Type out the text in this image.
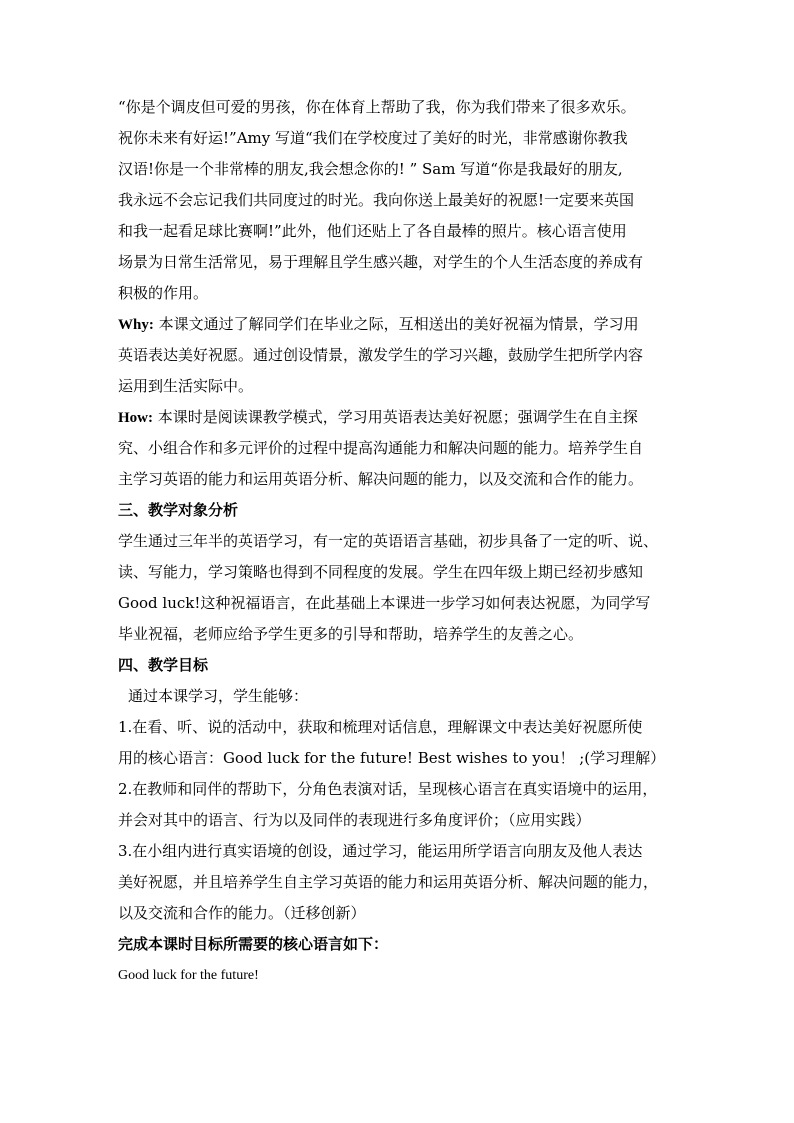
“你是个调皮但可爱的男孩，你在体育上帮助了我，你为我们带来了很多欢乐。
祝你未来有好运!”Amy 写道“我们在学校度过了美好的时光，非常感谢你教我
汉语!你是一个非常棒的朋友,我会想念你的! ” Sam 写道“你是我最好的朋友,
我永远不会忘记我们共同度过的时光。我向你送上最美好的祝愿!一定要来英国
和我一起看足球比赛啊!”此外，他们还贴上了各自最棒的照片。核心语言使用
场景为日常生活常见，易于理解且学生感兴趣，对学生的个人生活态度的养成有
积极的作用。
Why: 本课文通过了解同学们在毕业之际，互相送出的美好祝福为情景，学习用
英语表达美好祝愿。通过创设情景，激发学生的学习兴趣，鼓励学生把所学内容
运用到生活实际中。
How: 本课时是阅读课教学模式，学习用英语表达美好祝愿；强调学生在自主探
究、小组合作和多元评价的过程中提高沟通能力和解决问题的能力。培养学生自
主学习英语的能力和运用英语分析、解决问题的能力，以及交流和合作的能力。
三、教学对象分析
学生通过三年半的英语学习，有一定的英语语言基础，初步具备了一定的听、说、
读、写能力，学习策略也得到不同程度的发展。学生在四年级上期已经初步感知
Good luck!这种祝福语言，在此基础上本课进一步学习如何表达祝愿，为同学写
毕业祝福，老师应给予学生更多的引导和帮助，培养学生的友善之心。
四、教学目标
通过本课学习，学生能够：
1.在看、听、说的活动中，获取和梳理对话信息，理解课文中表达美好祝愿所使
用的核心语言：Good luck for the future! Best wishes to you！ ;(学习理解）
2.在教师和同伴的帮助下，分角色表演对话，呈现核心语言在真实语境中的运用，
并会对其中的语言、行为以及同伴的表现进行多角度评价；（应用实践）
3.在小组内进行真实语境的创设，通过学习，能运用所学语言向朋友及他人表达
美好祝愿，并且培养学生自主学习英语的能力和运用英语分析、解决问题的能力，
以及交流和合作的能力。（迁移创新）
完成本课时目标所需要的核心语言如下：
Good luck for the future!
